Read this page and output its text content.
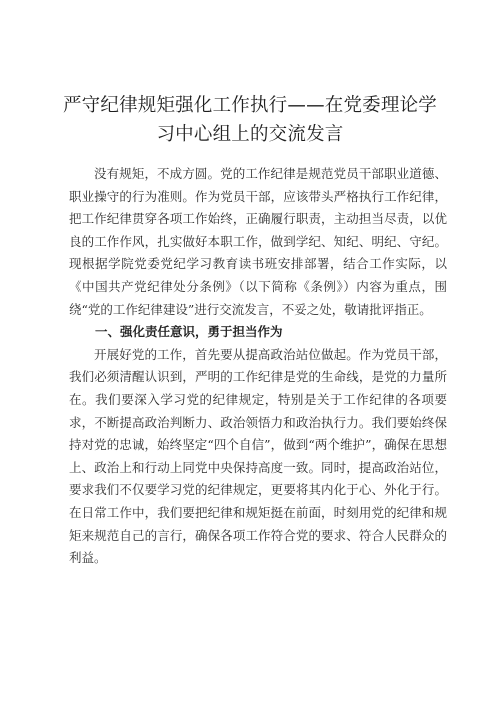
严守纪律规矩强化工作执行——在党委理论学
习中心组上的交流发言

没有规矩，不成方圆。党的工作纪律是规范党员干部职业道德、职业操守的行为准则。作为党员干部，应该带头严格执行工作纪律，把工作纪律贯穿各项工作始终，正确履行职责，主动担当尽责，以优良的工作作风，扎实做好本职工作，做到学纪、知纪、明纪、守纪。现根据学院党委党纪学习教育读书班安排部署，结合工作实际，以《中国共产党纪律处分条例》（以下简称《条例》）内容为重点，围绕“党的工作纪律建设”进行交流发言，不妥之处，敬请批评指正。

一、强化责任意识，勇于担当作为

开展好党的工作，首先要从提高政治站位做起。作为党员干部，我们必须清醒认识到，严明的工作纪律是党的生命线，是党的力量所在。我们要深入学习党的纪律规定，特别是关于工作纪律的各项要求，不断提高政治判断力、政治领悟力和政治执行力。我们要始终保持对党的忠诚，始终坚定“四个自信”，做到“两个维护”，确保在思想上、政治上和行动上同党中央保持高度一致。同时，提高政治站位，要求我们不仅要学习党的纪律规定，更要将其内化于心、外化于行。在日常工作中，我们要把纪律和规矩挺在前面，时刻用党的纪律和规矩来规范自己的言行，确保各项工作符合党的要求、符合人民群众的利益。
